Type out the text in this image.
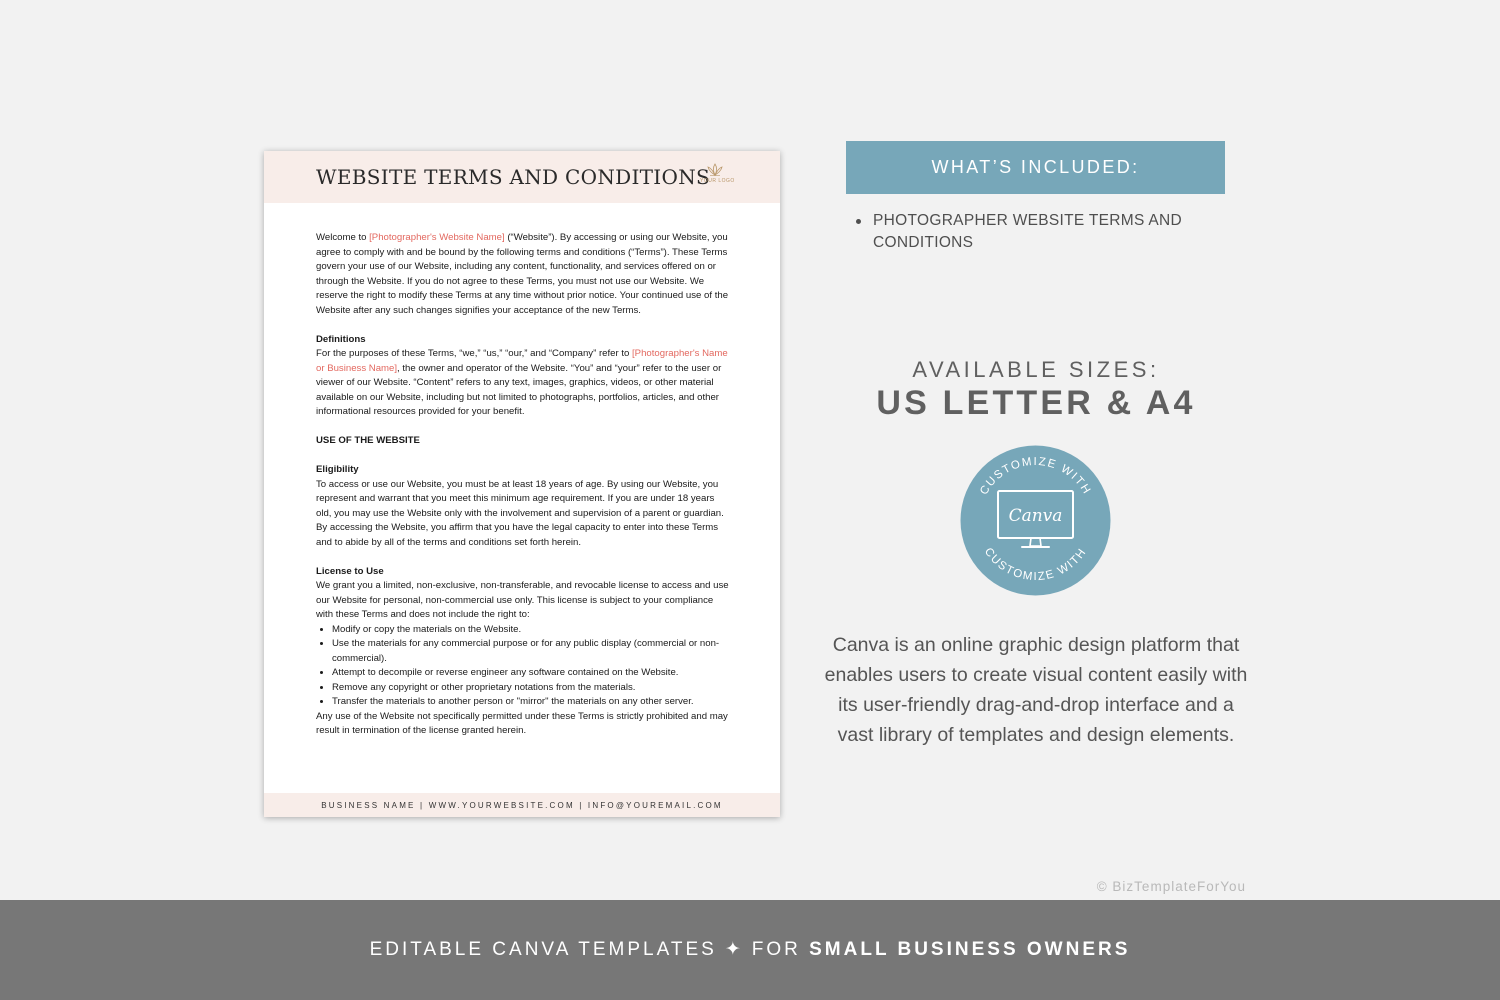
WEBSITE TERMS AND CONDITIONS
YOUR LOGO

Welcome to [Photographer's Website Name] (“Website”). By accessing or using our Website, you agree to comply with and be bound by the following terms and conditions (“Terms”). These Terms govern your use of our Website, including any content, functionality, and services offered on or through the Website. If you do not agree to these Terms, you must not use our Website. We reserve the right to modify these Terms at any time without prior notice. Your continued use of the Website after any such changes signifies your acceptance of the new Terms.

Definitions
For the purposes of these Terms, “we,” “us,” “our,” and “Company” refer to [Photographer's Name or Business Name], the owner and operator of the Website. “You” and “your” refer to the user or viewer of our Website. “Content” refers to any text, images, graphics, videos, or other material available on our Website, including but not limited to photographs, portfolios, articles, and other informational resources provided for your benefit.

USE OF THE WEBSITE

Eligibility
To access or use our Website, you must be at least 18 years of age. By using our Website, you represent and warrant that you meet this minimum age requirement. If you are under 18 years old, you may use the Website only with the involvement and supervision of a parent or guardian. By accessing the Website, you affirm that you have the legal capacity to enter into these Terms and to abide by all of the terms and conditions set forth herein.

License to Use
We grant you a limited, non-exclusive, non-transferable, and revocable license to access and use our Website for personal, non-commercial use only. This license is subject to your compliance with these Terms and does not include the right to:
• Modify or copy the materials on the Website.
• Use the materials for any commercial purpose or for any public display (commercial or non-commercial).
• Attempt to decompile or reverse engineer any software contained on the Website.
• Remove any copyright or other proprietary notations from the materials.
• Transfer the materials to another person or "mirror" the materials on any other server.
Any use of the Website not specifically permitted under these Terms is strictly prohibited and may result in termination of the license granted herein.
BUSINESS NAME | WWW.YOURWEBSITE.COM | INFO@YOUREMAIL.COM
WHAT’S INCLUDED:
PHOTOGRAPHER WEBSITE TERMS AND CONDITIONS
AVAILABLE SIZES:
US LETTER & A4
CUSTOMIZE WITH
CUSTOMIZE WITH
Canva
Canva is an online graphic design platform that enables users to create visual content easily with its user-friendly drag-and-drop interface and a vast library of templates and design elements.
© BizTemplateForYou
EDITABLE CANVA TEMPLATES ✦ FOR SMALL BUSINESS OWNERS
